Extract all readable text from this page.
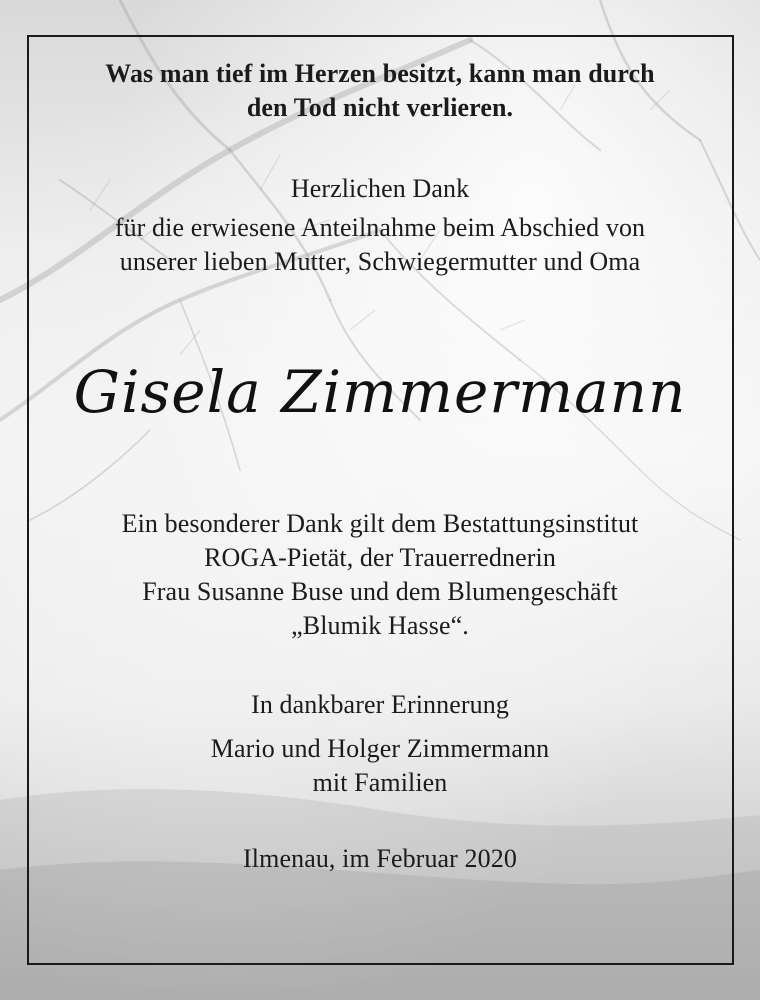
Was man tief im Herzen besitzt, kann man durch
den Tod nicht verlieren.
Herzlichen Dank
für die erwiesene Anteilnahme beim Abschied von
unserer lieben Mutter, Schwiegermutter und Oma
Gisela Zimmermann
Ein besonderer Dank gilt dem Bestattungsinstitut
ROGA-Pietät, der Trauerrednerin
Frau Susanne Buse und dem Blumengeschäft
„Blumik Hasse“.
In dankbarer Erinnerung
Mario und Holger Zimmermann
mit Familien
Ilmenau, im Februar 2020
